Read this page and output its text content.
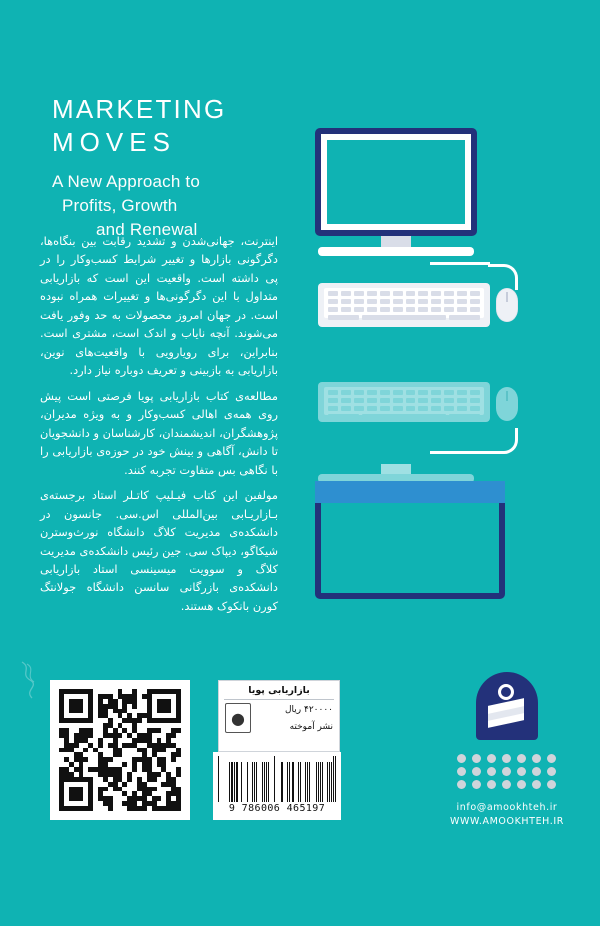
MARKETING
MOVES
A New Approach to
Profits, Growth
and Renewal

اینترنت، جهانی‌شدن و تشدید رقابت بین بنگاه‌ها، دگرگونی بازارها و تغییر شرایط کسب‌وکار را در پی داشته است. واقعیت این است که بازاریابی متداول با این دگرگونی‌ها و تغییرات همراه نبوده است. در جهان امروز محصولات به حد وفور یافت می‌شوند. آنچه نایاب و اندک است، مشتری است. بنابراین، برای رویارویی با واقعیت‌های نوین، بازاریابی به بازبینی و تعریف دوباره نیاز دارد.

مطالعه‌ی کتاب بازاریابی پویا فرصتی است پیش روی همه‌ی اهالی کسب‌وکار و به ویژه مدیران، پژوهشگران، اندیشمندان، کارشناسان و دانشجویان تا دانش، آگاهی و بینش خود در حوزه‌ی بازاریابی را با نگاهی بس متفاوت تجربه کنند.

مولفین این کتاب فیـلیپ کاتـلر استاد برجسته‌ی بـازاریـابی بین‌المللی اس.سی. جانسون در دانشکده‌ی مدیریت کلاگ دانشگاه نورث‌وسترن شیکاگو، دیپاک سی. جین رئیس دانشکده‌ی مدیریت کلاگ و سوویت میسینسی استاد بازاریابی دانشکده‌ی بازرگانی سانسن دانشگاه جولانتگ کورن بانکوک هستند.

بازاریابی پویا
۴۲۰۰۰۰ ریال
نشر آموخته
●
9 786006 465197	info@amookhteh.ir
WWW.AMOOKHTEH.IR
